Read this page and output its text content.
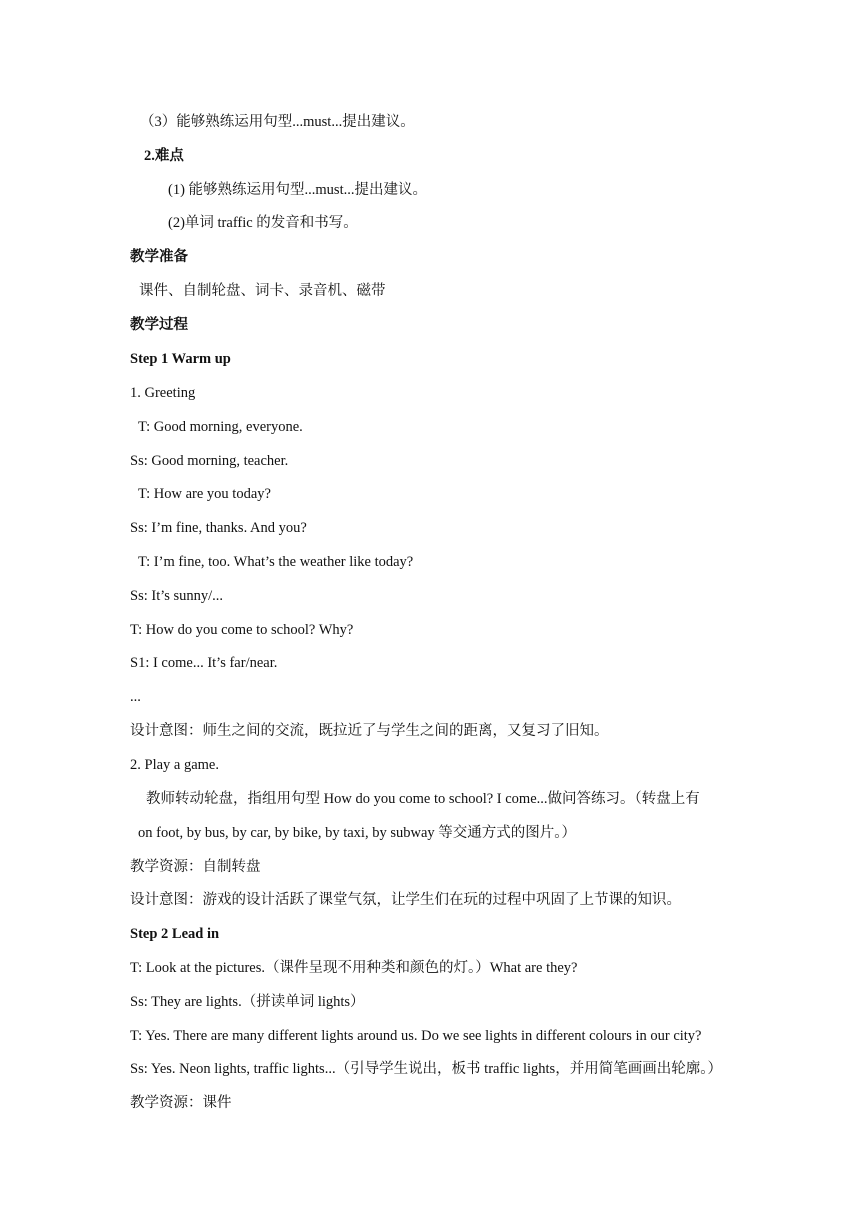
（3）能够熟练运用句型...must...提出建议。
2.难点
(1) 能够熟练运用句型...must...提出建议。
(2)单词 traffic 的发音和书写。
教学准备
课件、自制轮盘、词卡、录音机、磁带
教学过程
Step 1 Warm up
1. Greeting
T: Good morning, everyone.
Ss: Good morning, teacher.
T: How are you today?
Ss: I’m fine, thanks. And you?
T: I’m fine, too. What’s the weather like today?
Ss: It’s sunny/...
T: How do you come to school? Why?
S1: I come... It’s far/near.
...
设计意图：师生之间的交流，既拉近了与学生之间的距离，又复习了旧知。
2. Play a game.
教师转动轮盘，指组用句型 How do you come to school? I come...做问答练习。（转盘上有
on foot, by bus, by car, by bike, by taxi, by subway 等交通方式的图片。）
教学资源：自制转盘
设计意图：游戏的设计活跃了课堂气氛，让学生们在玩的过程中巩固了上节课的知识。
Step 2 Lead in
T: Look at the pictures.（课件呈现不用种类和颜色的灯。）What are they?
Ss: They are lights.（拼读单词 lights）
T: Yes. There are many different lights around us. Do we see lights in different colours in our city?
Ss: Yes. Neon lights, traffic lights...（引导学生说出，板书 traffic lights，并用简笔画画出轮廓。）
教学资源：课件
